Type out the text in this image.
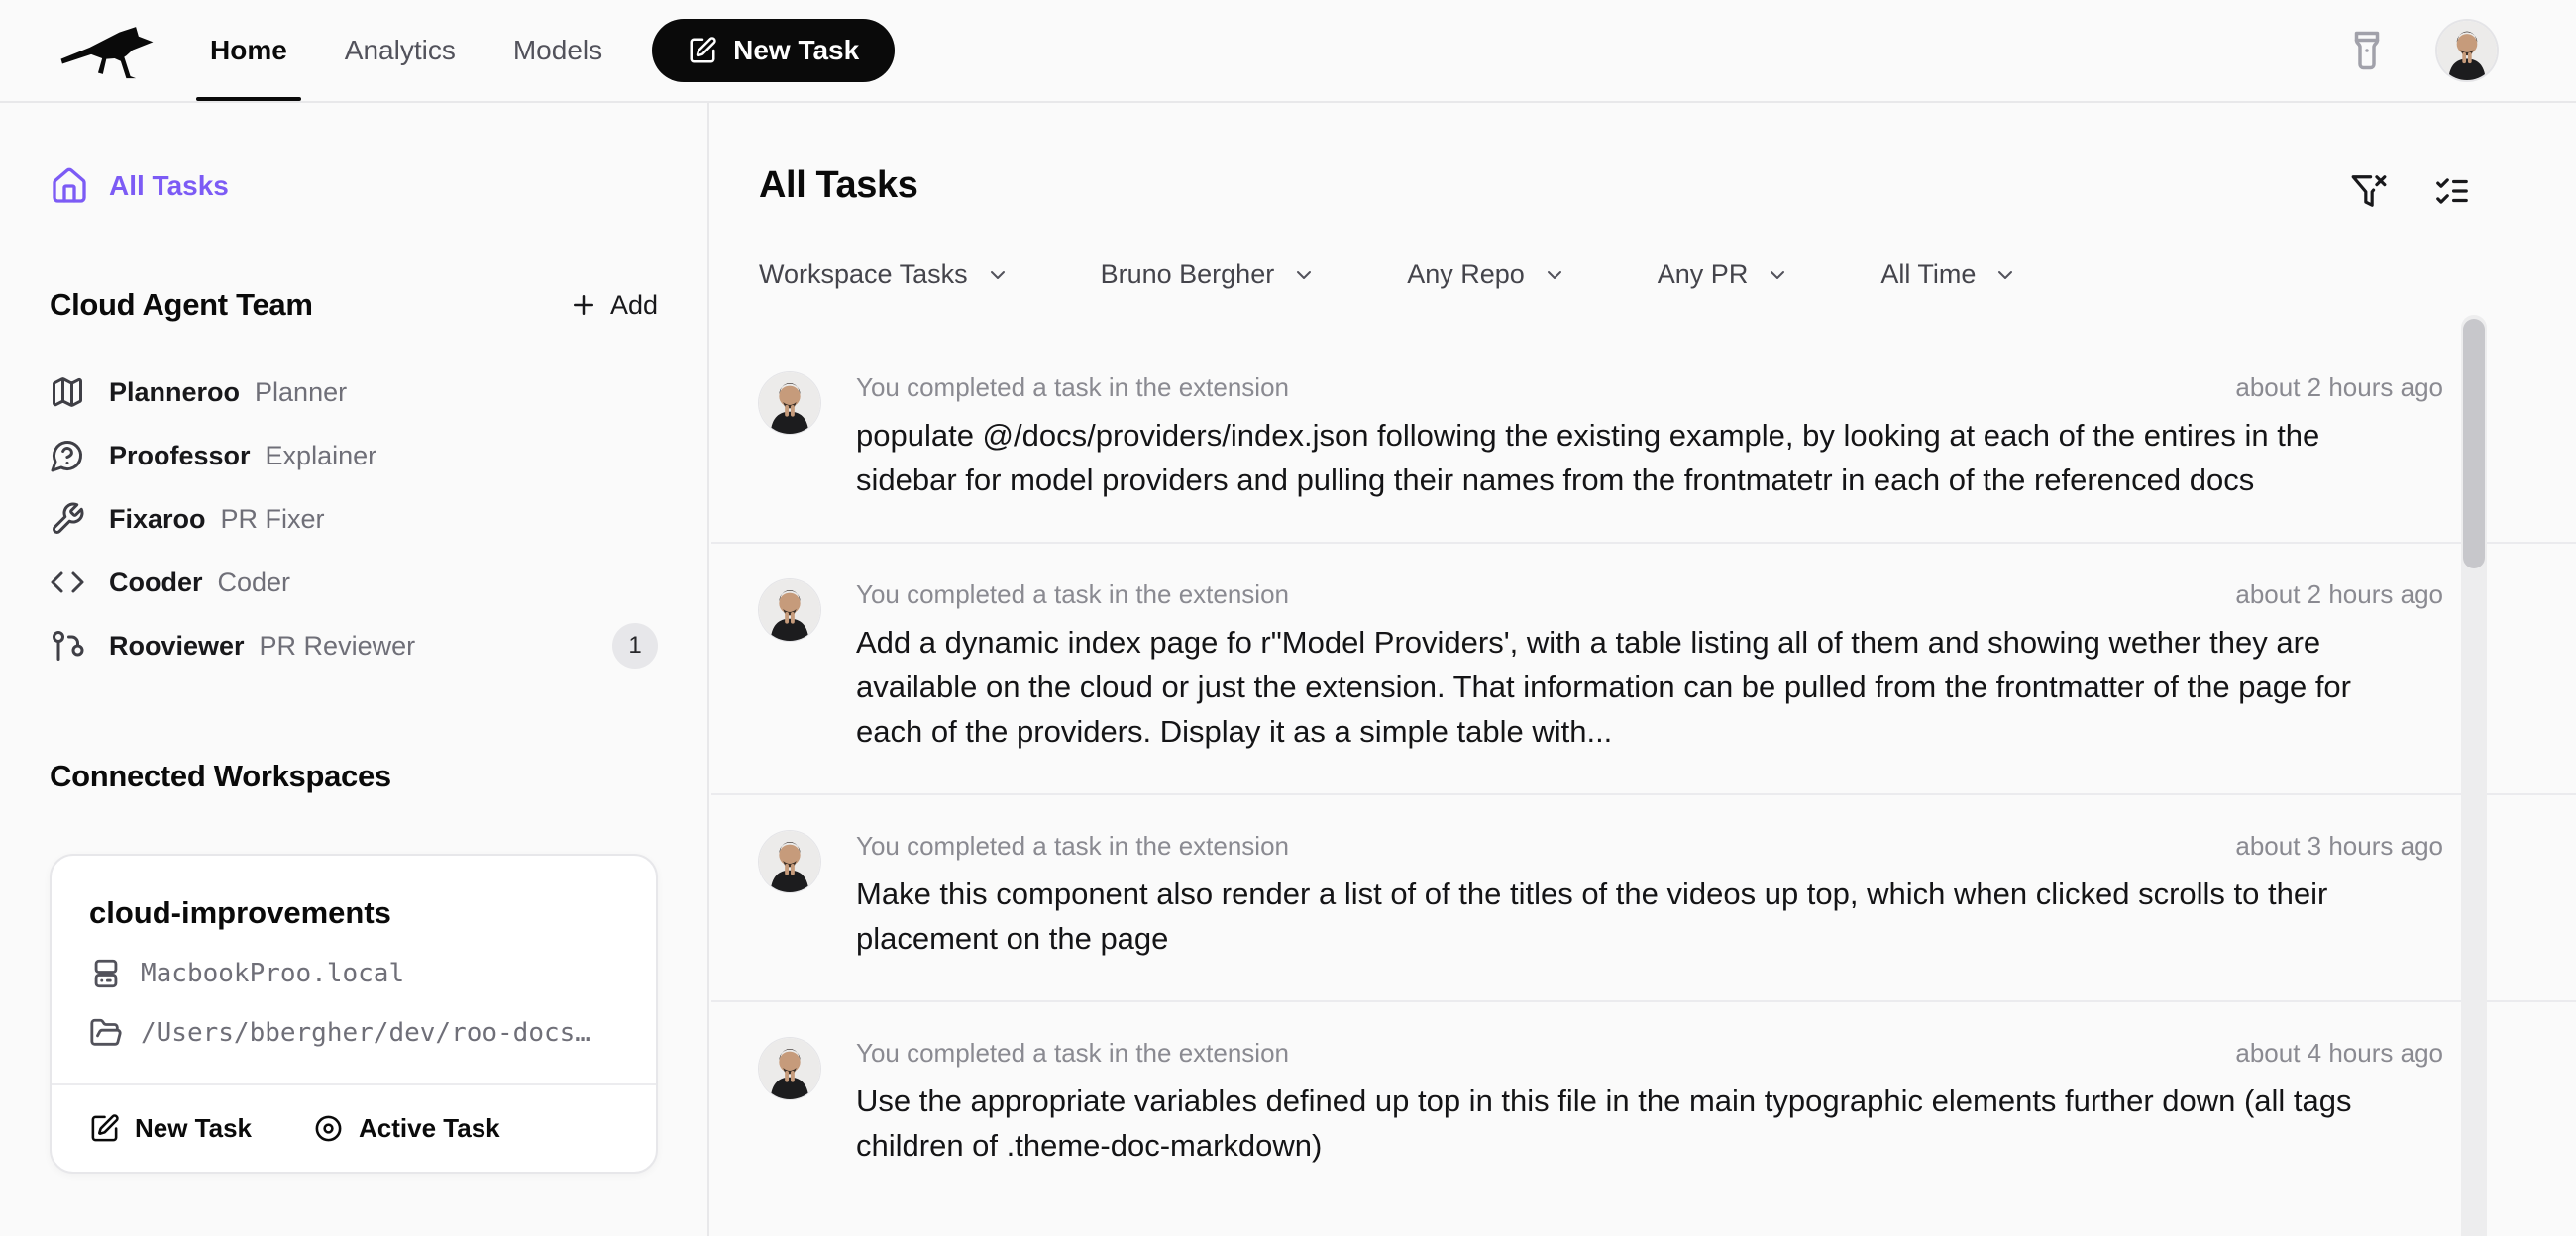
Home Analytics Models	New Task
All Tasks
Cloud Agent Team	Add
Planneroo Planner
Proofessor Explainer
Fixaroo PR Fixer
Cooder Coder
Rooviewer PR Reviewer	1
Connected Workspaces
cloud-improvements
MacbookProo.local
/Users/bbergher/dev/roo-docs…
New Task	Active Task
All Tasks
Workspace Tasks	Bruno Bergher	Any Repo	Any PR	All Time
You completed a task in the extension	about 2 hours ago
populate @/docs/providers/index.json following the existing example, by looking at each of the entires in the sidebar for model providers and pulling their names from the frontmatetr in each of the referenced docs
You completed a task in the extension	about 2 hours ago
Add a dynamic index page fo r"Model Providers', with a table listing all of them and showing wether they are available on the cloud or just the extension. That information can be pulled from the frontmatter of the page for each of the providers. Display it as a simple table with...
You completed a task in the extension	about 3 hours ago
Make this component also render a list of of the titles of the videos up top, which when clicked scrolls to their placement on the page
You completed a task in the extension	about 4 hours ago
Use the appropriate variables defined up top in this file in the main typographic elements further down (all tags children of .theme-doc-markdown)
